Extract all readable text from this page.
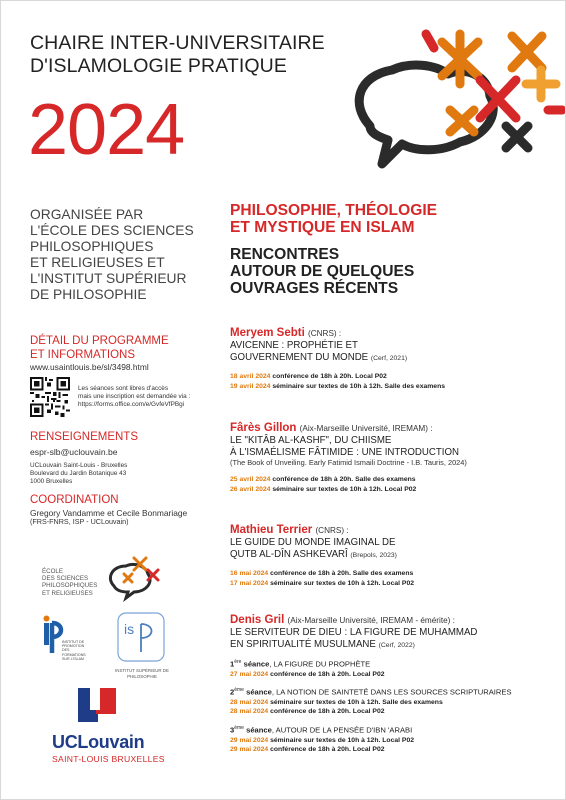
CHAIRE INTER-UNIVERSITAIRE
D'ISLAMOLOGIE PRATIQUE
2024
ORGANISÉE PAR
L'ÉCOLE DES SCIENCES
PHILOSOPHIQUES
ET RELIGIEUSES ET
L'INSTITUT SUPÉRIEUR
DE PHILOSOPHIE
PHILOSOPHIE, THÉOLOGIE
ET MYSTIQUE EN ISLAM
RENCONTRES
AUTOUR DE QUELQUES
OUVRAGES RÉCENTS
DÉTAIL DU PROGRAMME
ET INFORMATIONS
www.usaintlouis.be/sl/3498.html
Les séances sont libres d'accès
mais une inscription est demandée via :
https://forms.office.com/e/GvfeVfPBgi
RENSEIGNEMENTS
espr-slb@uclouvain.be
UCLouvain Saint-Louis - Bruxelles
Boulevard du Jardin Botanique 43
1000 Bruxelles
COORDINATION
Gregory Vandamme et Cecile Bonmariage
(FRS-FNRS, ISP - UCLouvain)
ÉCOLE
DES SCIENCES
PHILOSOPHIQUES
ET RELIGIEUSES
INSTITUT DE PROMOTION
DES FORMATIONS
SUR L'ISLAM
is
INSTITUT SUPÉRIEUR DE
PHILOSOPHIE
UCLouvain
SAINT-LOUIS BRUXELLES
Meryem Sebti (CNRS) :
AVICENNE : PROPHÉTIE ET
GOUVERNEMENT DU MONDE (Cerf, 2021)
18 avril 2024 conférence de 18h à 20h. Local P02
19 avril 2024 séminaire sur textes de 10h à 12h. Salle des examens
Fârès Gillon (Aix-Marseille Université, IREMAM) :
LE "KITÂB AL-KASHF", DU CHIISME
À L'ISMAÉLISME FÂTIMIDE : UNE INTRODUCTION
(The Book of Unveiling. Early Fatimid Ismaili Doctrine - I.B. Tauris, 2024)
25 avril 2024 conférence de 18h à 20h. Salle des examens
26 avril 2024 séminaire sur textes de 10h à 12h. Local P02
Mathieu Terrier (CNRS) :
LE GUIDE DU MONDE IMAGINAL DE
QUTB AL-DÎN ASHKEVARÎ (Brepols, 2023)
16 mai 2024 conférence de 18h à 20h. Salle des examens
17 mai 2024 séminaire sur textes de 10h à 12h. Local P02
Denis Gril (Aix-Marseille Université, IREMAM - émérite) :
LE SERVITEUR DE DIEU : LA FIGURE DE MUHAMMAD
EN SPIRITUALITÉ MUSULMANE (Cerf, 2022)
1ère séance, LA FIGURE DU PROPHÈTE
27 mai 2024 conférence de 18h à 20h. Local P02
2ème séance, LA NOTION DE SAINTETÉ DANS LES SOURCES SCRIPTURAIRES
28 mai 2024 séminaire sur textes de 10h à 12h. Salle des examens
28 mai 2024 conférence de 18h à 20h. Local P02
3ème séance, AUTOUR DE LA PENSÉE D'IBN 'ARABI
29 mai 2024 séminaire sur textes de 10h à 12h. Local P02
29 mai 2024 conférence de 18h à 20h. Local P02
